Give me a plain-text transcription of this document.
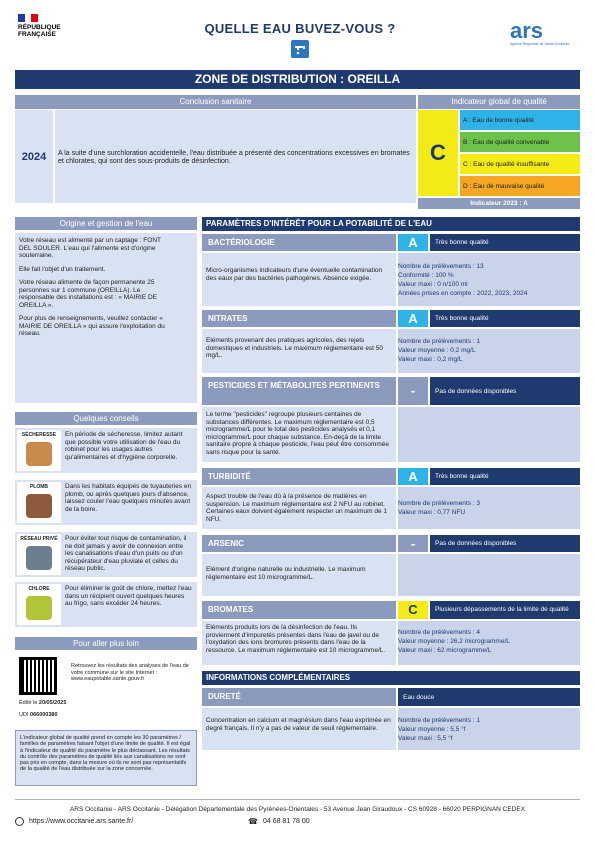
RÉPUBLIQUE
FRANÇAISE	QUELLE EAU BUVEZ-VOUS ?	ars
Agence Régionale de Santé Occitanie
ZONE DE DISTRIBUTION : OREILLA
Conclusion sanitaire	Indicateur global de qualité
2024	A la suite d'une surchloration accidentelle, l'eau distribuée a présenté des concentrations excessives en bromates et chlorates, qui sont des sous-produits de désinfection.	C
A : Eau de bonne qualité
B : Eau de qualité convenable
C : Eau de qualité insuffisante
D : Eau de mauvaise qualité
Indicateur 2023 : A
Origine et gestion de l'eau

Votre réseau est alimenté par un captage : FONT DEL SOULER. L'eau qui l'alimente est d'origine souterraine.

Elle fait l'objet d'un traitement.

Votre réseau alimente de façon permanente 25 personnes sur 1 commune (OREILLA). Le responsable des installations est : « MAIRIE DE OREILLA ».

Pour plus de renseignements, veuillez contacter « MAIRIE DE OREILLA » qui assure l'exploitation du réseau.

Quelques conseils
SÉCHERESSE	En période de sécheresse, limitez autant que possible votre utilisation de l'eau du robinet pour les usages autres qu'alimentaires et d'hygiène corporelle.
PLOMB	Dans les habitats équipés de tuyauteries en plomb, ou après quelques jours d'absence, laissez couler l'eau quelques minutes avant de la boire.
RÉSEAU PRIVÉ	Pour éviter tout risque de contamination, il ne doit jamais y avoir de connexion entre les canalisations d'eau d'un puits ou d'un récupérateur d'eau pluviale et celles du réseau public.
CHLORE	Pour éliminer le goût de chlore, mettez l'eau dans un récipient ouvert quelques heures au frigo, sans excéder 24 heures.
Pour aller plus loin
Retrouvez les résultats des analyses de l'eau de votre commune sur le site Internet : www.eaupotable.sante.gouv.fr
Édité le 20/05/2025
UDI 066000380
L'indicateur global de qualité prend en compte les 30 paramètres / familles de paramètres faisant l'objet d'une limite de qualité. Il est égal à l'indicateur de qualité du paramètre le plus déclassant. Les résultats du contrôle des paramètres de qualité liés aux canalisations ne sont pas pris en compte, dans la mesure où ils ne sont pas représentatifs de la qualité de l'eau distribuée sur la zone concernée.
PARAMÈTRES D'INTÉRÊT POUR LA POTABILITÉ DE L'EAU
BACTÉRIOLOGIE	A	Très bonne qualité
Micro-organismes indicateurs d'une éventuelle contamination des eaux par des bactéries pathogènes. Absence exigée.
Nombre de prélèvements : 13
Conformité : 100 %
Valeur maxi : 0 n/100 ml
Années prises en compte : 2022, 2023, 2024
NITRATES	A	Très bonne qualité
Eléments provenant des pratiques agricoles, des rejets domestiques et industriels. Le maximum réglementaire est 50 mg/L.
Nombre de prélèvements : 1
Valeur moyenne : 0,2 mg/L
Valeur maxi : 0,2 mg/L
PESTICIDES ET MÉTABOLITES PERTINENTS	-	Pas de données disponibles
Le terme "pesticides" regroupe plusieurs centaines de substances différentes. Le maximum réglementaire est 0,5 microgramme/L pour le total des pesticides analysés et 0,1 microgramme/L pour chaque substance. En-deçà de la limite sanitaire propre à chaque pesticide, l'eau peut être consommée sans risque pour la santé.
TURBIDITÉ	A	Très bonne qualité
Aspect trouble de l'eau dû à la présence de matières en suspension. Le maximum réglementaire est 2 NFU au robinet. Certaines eaux doivent également respecter un maximum de 1 NFU.
Nombre de prélèvements : 3
Valeur maxi : 0,77 NFU
ARSENIC	-	Pas de données disponibles
Elément d'origine naturelle ou industrielle. Le maximum réglementaire est 10 microgramme/L.
BROMATES	C	Plusieurs dépassements de la limite de qualité
Eléments produits lors de la désinfection de l'eau. Ils proviennent d'impuretés présentes dans l'eau de javel ou de l'oxydation des ions bromures présents dans l'eau de la ressource. Le maximum réglementaire est 10 microgramme/L.
Nombre de prélèvements : 4
Valeur moyenne : 26,2 microgramme/L
Valeur maxi : 62 microgramme/L
INFORMATIONS COMPLÉMENTAIRES
DURETÉ	Eau douce
Concentration en calcium et magnésium dans l'eau exprimée en degré français. Il n'y a pas de valeur de seuil réglementaire.
Nombre de prélèvements : 1
Valeur moyenne : 5,5 °f
Valeur maxi : 5,5 °f
ARS Occitanie - ARS Occitanie - Délégation Départementale des Pyrénées-Orientales - 53 Avenue Jean Giraudoux - CS 60928 - 66020 PERPIGNAN CEDEX
https://www.occitanie.ars.sante.fr/	☎ 04 68 81 78 00
